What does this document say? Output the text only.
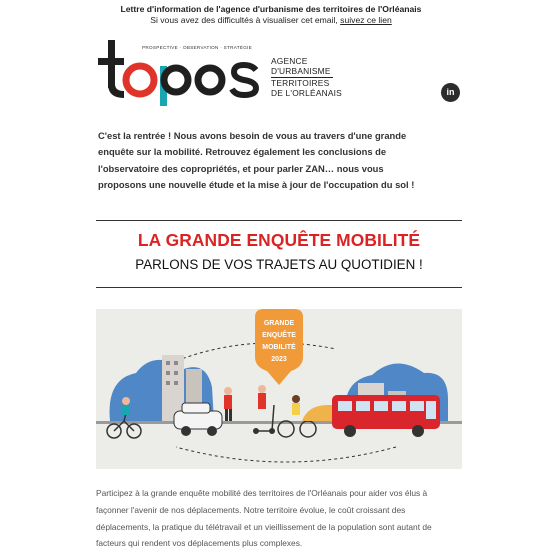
Lettre d'information de l'agence d'urbanisme des territoires de l'Orléanais
Si vous avez des difficultés à visualiser cet email, suivez ce lien
PROSPECTIVE · OBSERVATION · STRATÉGIE
AGENCE
D'URBANISME
TERRITOIRES
DE L'ORLÉANAIS	in
C'est la rentrée ! Nous avons besoin de vous au travers d'une grande
enquête sur la mobilité. Retrouvez également les conclusions de
l'observatoire des copropriétés, et pour parler ZAN… nous vous
proposons une nouvelle étude et la mise à jour de l'occupation du sol !
LA GRANDE ENQUÊTE MOBILITÉ
PARLONS DE VOS TRAJETS AU QUOTIDIEN !
GRANDE
ENQUÊTE
MOBILITÉ
2023
Participez à la grande enquête mobilité des territoires de l'Orléanais pour aider vos élus à
façonner l'avenir de nos déplacements. Notre territoire évolue, le coût croissant des
déplacements, la pratique du télétravail et un vieillissement de la population sont autant de
facteurs qui rendent vos déplacements plus complexes.
